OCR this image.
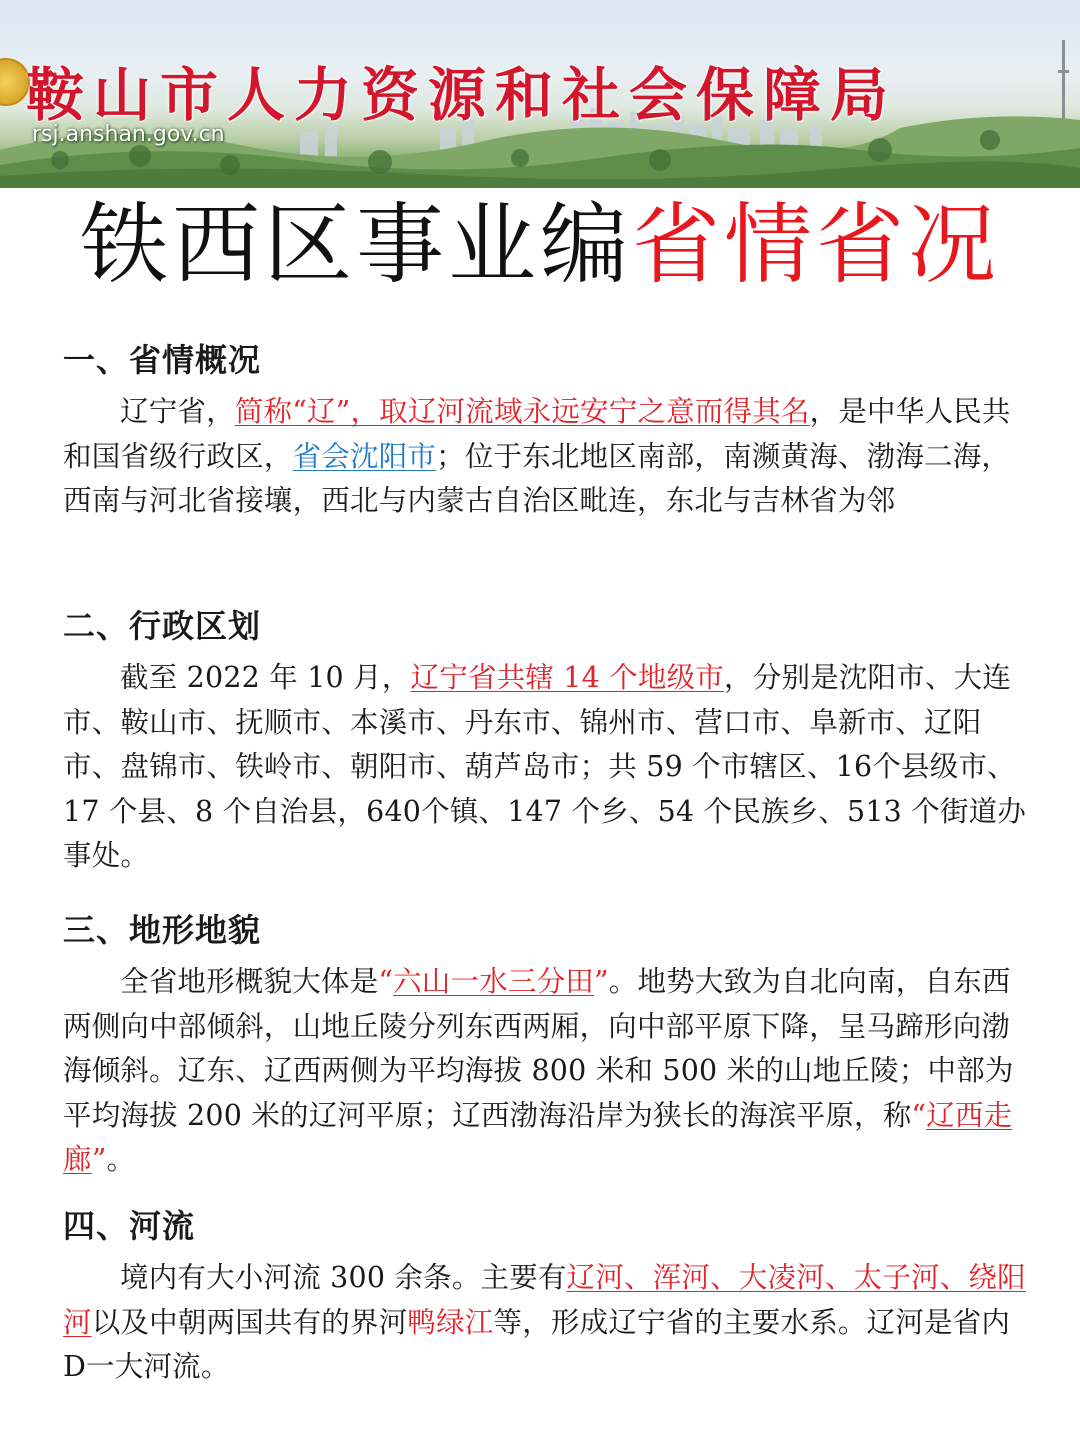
鞍山市人力资源和社会保障局
rsj.anshan.gov.cn
铁西区事业编省情省况
一、省情概况

辽宁省，简称“辽”，取辽河流域永远安宁之意而得其名，是中华人民共和国省级行政区，省会沈阳市；位于东北地区南部，南濒黄海、渤海二海，西南与河北省接壤，西北与内蒙古自治区毗连，东北与吉林省为邻

二、行政区划

截至 2022 年 10 月，辽宁省共辖 14 个地级市，分别是沈阳市、大连市、鞍山市、抚顺市、本溪市、丹东市、锦州市、营口市、阜新市、辽阳市、盘锦市、铁岭市、朝阳市、葫芦岛市；共 59 个市辖区、16个县级市、17 个县、8 个自治县，640个镇、147 个乡、54 个民族乡、513 个街道办事处。

三、地形地貌

全省地形概貌大体是“六山一水三分田”。地势大致为自北向南，自东西两侧向中部倾斜，山地丘陵分列东西两厢，向中部平原下降，呈马蹄形向渤海倾斜。辽东、辽西两侧为平均海拔 800 米和 500 米的山地丘陵；中部为平均海拔 200 米的辽河平原；辽西渤海沿岸为狭长的海滨平原，称“辽西走廊”。

四、河流

境内有大小河流 300 余条。主要有辽河、浑河、大凌河、太子河、绕阳河以及中朝两国共有的界河鸭绿江等，形成辽宁省的主要水系。辽河是省内D一大河流。
